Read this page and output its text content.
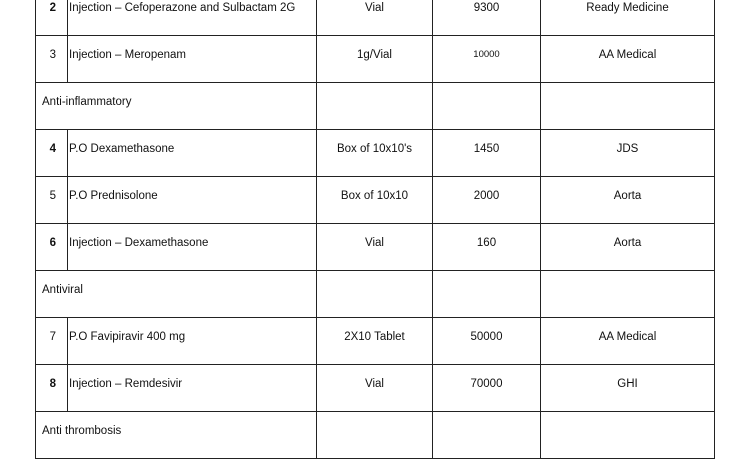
2	Injection – Cefoperazone and Sulbactam 2G	Vial	9300	Ready Medicine

3	Injection – Meropenam	1g/Vial	10000	AA Medical

Anti-inflammatory				

4	P.O Dexamethasone	Box of 10x10's	1450	JDS

5	P.O Prednisolone	Box of 10x10	2000	Aorta

6	Injection – Dexamethasone	Vial	160	Aorta

Antiviral				

7	P.O Favipiravir 400 mg	2X10 Tablet	50000	AA Medical

8	Injection – Remdesivir	Vial	70000	GHI

Anti thrombosis				
